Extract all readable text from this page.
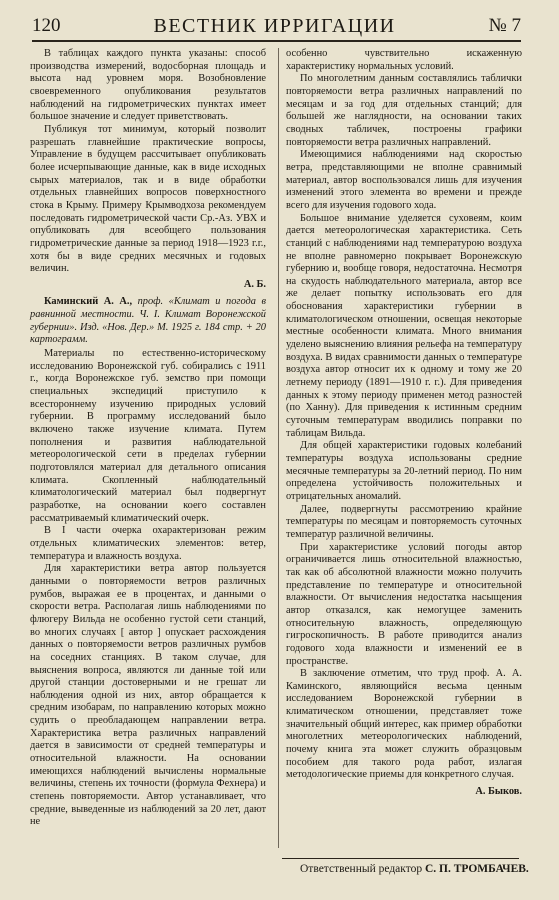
120	ВЕСТНИК ИРРИГАЦИИ	№ 7

В таблицах каждого пункта указаны: способ производства измерений, водосборная площадь и высота над уровнем моря. Возобновление своевременного опубликования результатов наблюдений на гидрометрических пунктах имеет большое значение и следует приветствовать.

Публикуя тот минимум, который позволит разрешать главнейшие практические вопросы, Управление в будущем рассчитывает опубликовать более исчерпывающие данные, как в виде исходных сырых материалов, так и в виде обработки отдельных главнейших вопросов поверхностного стока в Крыму. Примеру Крымводхоза рекомендуем последовать гидрометрической части Ср.-Аз. УВХ и опубликовать для всеобщего пользования гидрометрические данные за период 1918—1923 г.г., хотя бы в виде средних месячных и годовых величин.

А. Б.

Каминский А. А., проф. «Климат и погода в равнинной местности. Ч. I. Климат Воронежской губернии». Изд. «Нов. Дер.» М. 1925 г. 184 стр. + 20 картограмм.

Материалы по естественно-историческому исследованию Воронежской губ. собирались с 1911 г., когда Воронежское губ. земство при помощи специальных экспедиций приступило к всестороннему изучению природных условий губернии. В программу исследований было включено также изучение климата. Путем пополнения и развития наблюдательной метеорологической сети в пределах губернии подготовлялся материал для детального описания климата. Скопленный наблюдательный климатологический материал был подвергнут разработке, на основании коего составлен рассматриваемый климатический очерк.

В I части очерка охарактеризован режим отдельных климатических элементов: ветер, температура и влажность воздуха.

Для характеристики ветра автор пользуется данными о повторяемости ветров различных румбов, выражая ее в процентах, и данными о скорости ветра. Располагая лишь наблюдениями по флюгеру Вильда не особенно густой сети станций, во многих случаях [ автор ] опускает расхождения данных о повторяемости ветров различных румбов на соседних станциях. В таком случае, для выяснения вопроса, являются ли данные той или другой станции достоверными и не грешат ли наблюдения одной из них, автор обращается к средним изобарам, по направлению которых можно судить о преобладающем направлении ветра. Характеристика ветра различных направлений дается в зависимости от средней температуры и относительной влажности. На основании имеющихся наблюдений вычислены нормальные величины, степень их точности (формула Фехнера) и степень повторяемости. Автор устанавливает, что средние, выведенные из наблюдений за 20 лет, дают не

особенно чувствительно искаженную характеристику нормальных условий.

По многолетним данным составлялись таблички повторяемости ветра различных направлений по месяцам и за год для отдельных станций; для большей же наглядности, на основании таких сводных табличек, построены графики повторяемости ветра различных направлений.

Имеющимися наблюдениями над скоростью ветра, представляющими не вполне сравнимый материал, автор воспользовался лишь для изучения изменений этого элемента во времени и прежде всего для изучения годового хода.

Большое внимание уделяется суховеям, коим дается метеорологическая характеристика. Сеть станций с наблюдениями над температурою воздуха не вполне равномерно покрывает Воронежскую губернию и, вообще говоря, недостаточна. Несмотря на скудость наблюдательного материала, автор все же делает попытку использовать его для обоснования характеристики губернии в климатологическом отношении, освещая некоторые местные особенности климата. Много внимания уделено выяснению влияния рельефа на температуру воздуха. В видах сравнимости данных о температуре воздуха автор относит их к одному и тому же 20 летнему периоду (1891—1910 г. г.). Для приведения данных к этому периоду применен метод разностей (по Ханну). Для приведения к истинным средним суточным температурам вводились поправки по таблицам Вильда.

Для общей характеристики годовых колебаний температуры воздуха использованы средние месячные температуры за 20-летний период. По ним определена устойчивость положительных и отрицательных аномалий.

Далее, подвергнуты рассмотрению крайние температуры по месяцам и повторяемость суточных температур различной величины.

При характеристике условий погоды автор ограничивается лишь относительной влажностью, так как об абсолютной влажности можно получить представление по температуре и относительной влажности. От вычисления недостатка насыщения автор отказался, как немогущее заменить относительную влажность, определяющую гигроскопичность. В работе приводится анализ годового хода влажности и изменений ее в пространстве.

В заключение отметим, что труд проф. А. А. Каминского, являющийся весьма ценным исследованием Воронежской губернии в климатическом отношении, представляет тоже значительный общий интерес, как пример обработки многолетних метеорологических наблюдений, почему книга эта может служить образцовым пособием для такого рода работ, излагая методологические приемы для конкретного случая.

А. Быков.

Ответственный редактор С. П. ТРОМБАЧЕВ.
